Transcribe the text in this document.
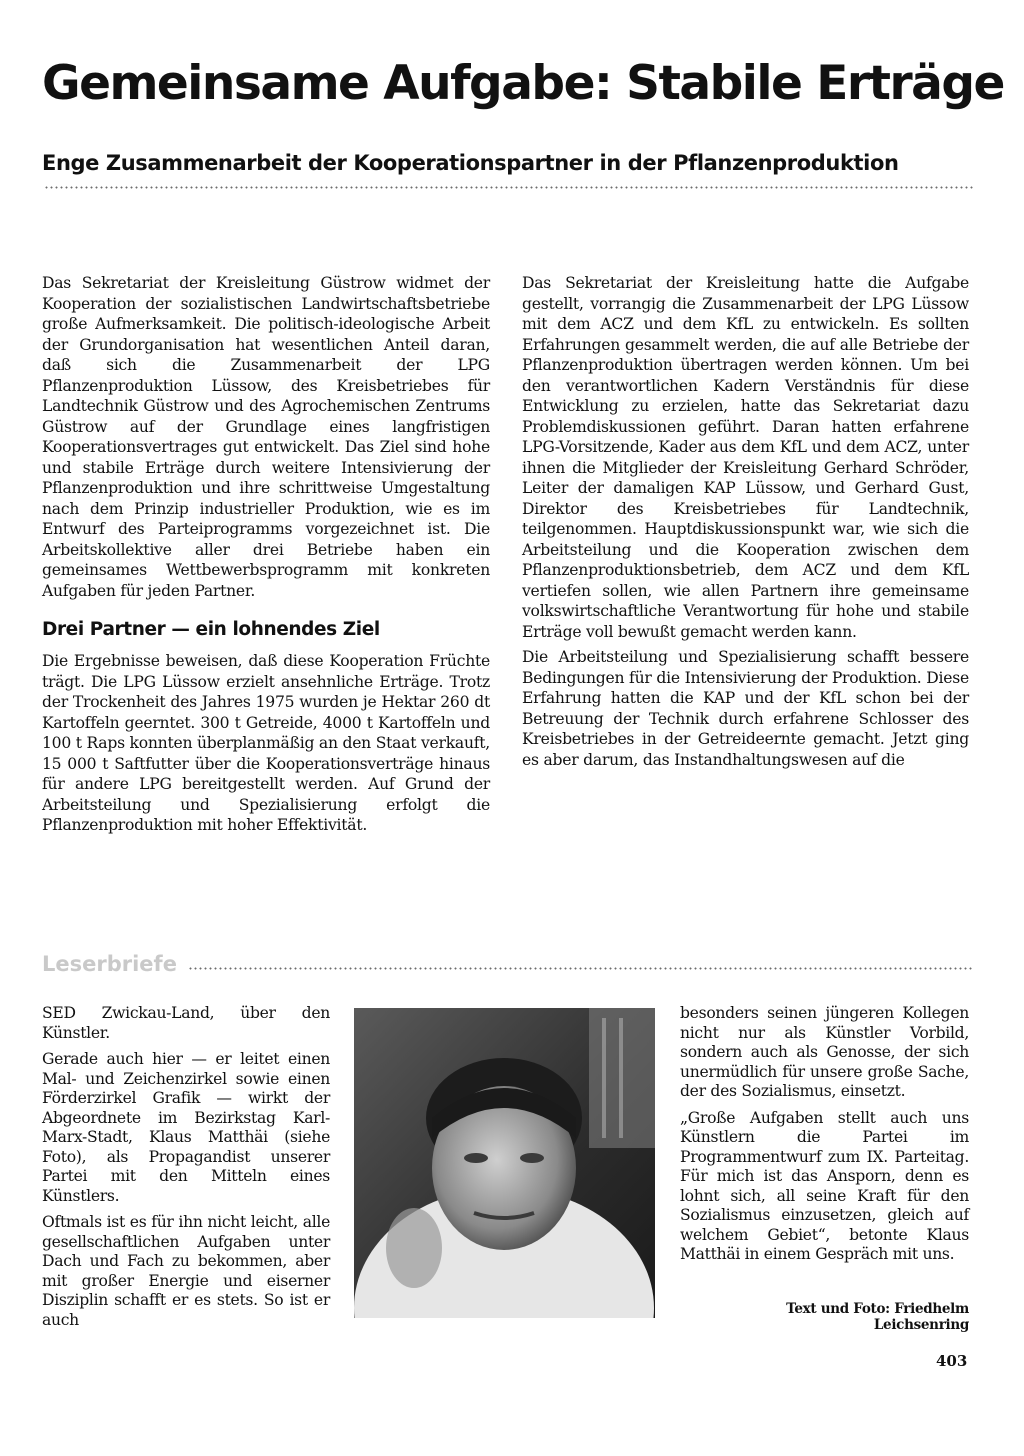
Gemeinsame Aufgabe: Stabile Erträge
Enge Zusammenarbeit der Kooperationspartner in der Pflanzenproduktion

Das Sekretariat der Kreisleitung Güstrow widmet der Kooperation der sozialistischen Landwirtschaftsbetriebe große Aufmerksamkeit. Die politisch-ideologische Arbeit der Grundorganisation hat wesentlichen Anteil daran, daß sich die Zusammenarbeit der LPG Pflanzenproduktion Lüssow, des Kreisbetriebes für Landtechnik Güstrow und des Agrochemischen Zentrums Güstrow auf der Grundlage eines langfristigen Kooperationsvertrages gut entwickelt. Das Ziel sind hohe und stabile Erträge durch weitere Intensivierung der Pflanzenproduktion und ihre schrittweise Umgestaltung nach dem Prinzip industrieller Produktion, wie es im Entwurf des Parteiprogramms vorgezeichnet ist. Die Arbeitskollektive aller drei Betriebe haben ein gemeinsames Wettbewerbsprogramm mit konkreten Aufgaben für jeden Partner.

Drei Partner — ein lohnendes Ziel

Die Ergebnisse beweisen, daß diese Kooperation Früchte trägt. Die LPG Lüssow erzielt ansehnliche Erträge. Trotz der Trockenheit des Jahres 1975 wurden je Hektar 260 dt Kartoffeln geerntet. 300 t Getreide, 4000 t Kartoffeln und 100 t Raps konnten überplanmäßig an den Staat verkauft, 15 000 t Saftfutter über die Kooperationsverträge hinaus für andere LPG bereitgestellt werden. Auf Grund der Arbeitsteilung und Spezialisierung erfolgt die Pflanzenproduktion mit hoher Effektivität.

Das Sekretariat der Kreisleitung hatte die Aufgabe gestellt, vorrangig die Zusammenarbeit der LPG Lüssow mit dem ACZ und dem KfL zu entwickeln. Es sollten Erfahrungen gesammelt werden, die auf alle Betriebe der Pflanzenproduktion übertragen werden können. Um bei den verantwortlichen Kadern Verständnis für diese Entwicklung zu erzielen, hatte das Sekretariat dazu Problemdiskussionen geführt. Daran hatten erfahrene LPG-Vorsitzende, Kader aus dem KfL und dem ACZ, unter ihnen die Mitglieder der Kreisleitung Gerhard Schröder, Leiter der damaligen KAP Lüssow, und Gerhard Gust, Direktor des Kreisbetriebes für Landtechnik, teilgenommen. Hauptdiskussionspunkt war, wie sich die Arbeitsteilung und die Kooperation zwischen dem Pflanzenproduktionsbetrieb, dem ACZ und dem KfL vertiefen sollen, wie allen Partnern ihre gemeinsame volkswirtschaftliche Verantwortung für hohe und stabile Erträge voll bewußt gemacht werden kann.

Die Arbeitsteilung und Spezialisierung schafft bessere Bedingungen für die Intensivierung der Produktion. Diese Erfahrung hatten die KAP und der KfL schon bei der Betreuung der Technik durch erfahrene Schlosser des Kreisbetriebes in der Getreideernte gemacht. Jetzt ging es aber darum, das Instandhaltungswesen auf die

Leserbriefe

SED Zwickau-Land, über den Künstler.

Gerade auch hier — er leitet einen Mal- und Zeichenzirkel sowie einen Förderzirkel Grafik — wirkt der Abgeordnete im Bezirkstag Karl-Marx-Stadt, Klaus Matthäi (siehe Foto), als Propagandist unserer Partei mit den Mitteln eines Künstlers.

Oftmals ist es für ihn nicht leicht, alle gesellschaftlichen Aufgaben unter Dach und Fach zu bekommen, aber mit großer Energie und eiserner Disziplin schafft er es stets. So ist er auch

besonders seinen jüngeren Kollegen nicht nur als Künstler Vorbild, sondern auch als Genosse, der sich unermüdlich für unsere große Sache, der des Sozialismus, einsetzt.

„Große Aufgaben stellt auch uns Künstlern die Partei im Programmentwurf zum IX. Parteitag. Für mich ist das Ansporn, denn es lohnt sich, all seine Kraft für den Sozialismus einzusetzen, gleich auf welchem Gebiet“, betonte Klaus Matthäi in einem Gespräch mit uns.

Text und Foto: Friedhelm
Leichsenring
403
